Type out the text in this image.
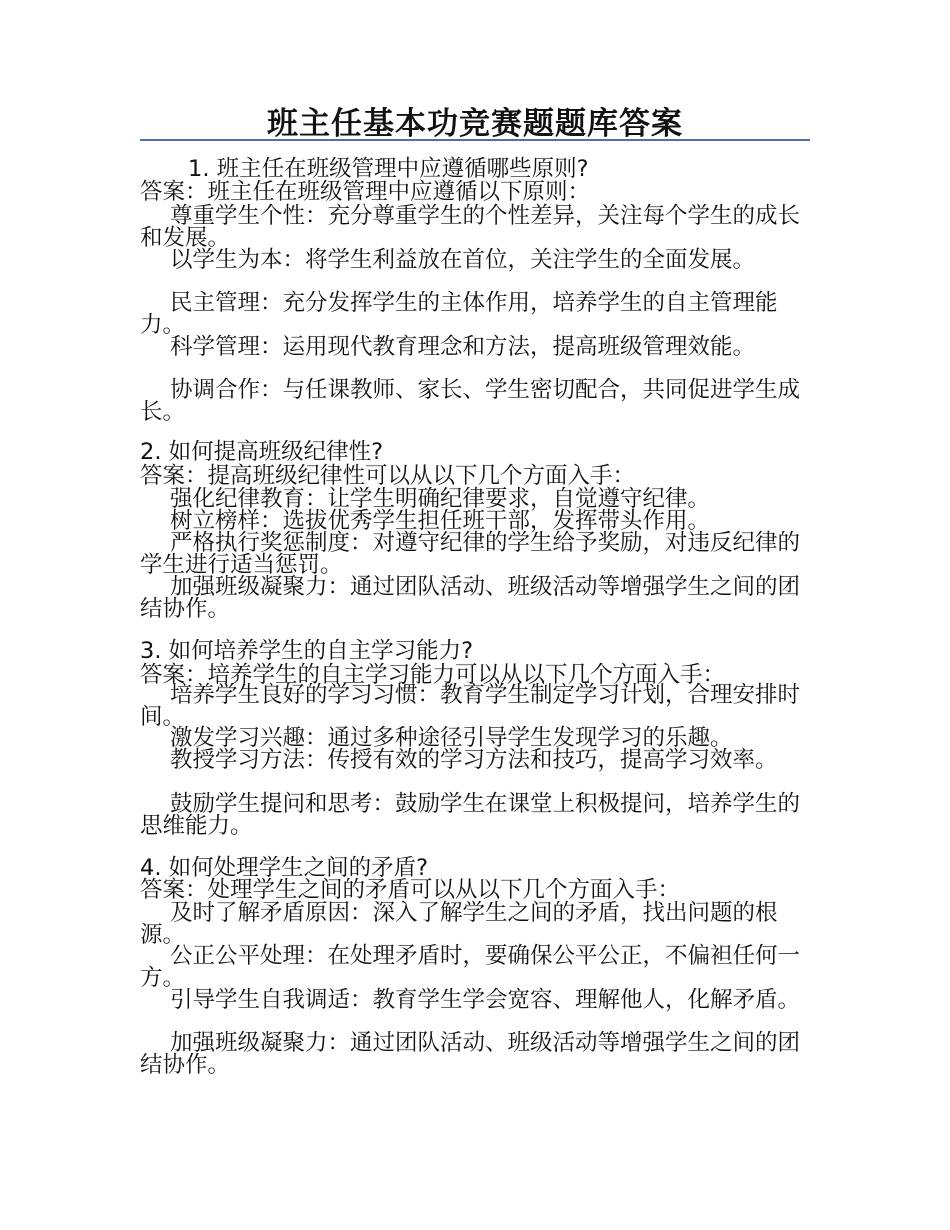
班主任基本功竞赛题题库答案

1. 班主任在班级管理中应遵循哪些原则?

答案：班主任在班级管理中应遵循以下原则：

尊重学生个性：充分尊重学生的个性差异，关注每个学生的成长和发展。

以学生为本：将学生利益放在首位，关注学生的全面发展。

民主管理：充分发挥学生的主体作用，培养学生的自主管理能力。

科学管理：运用现代教育理念和方法，提高班级管理效能。

协调合作：与任课教师、家长、学生密切配合，共同促进学生成长。

2. 如何提高班级纪律性?

答案：提高班级纪律性可以从以下几个方面入手：

强化纪律教育：让学生明确纪律要求，自觉遵守纪律。

树立榜样：选拔优秀学生担任班干部，发挥带头作用。

严格执行奖惩制度：对遵守纪律的学生给予奖励，对违反纪律的学生进行适当惩罚。

加强班级凝聚力：通过团队活动、班级活动等增强学生之间的团结协作。

3. 如何培养学生的自主学习能力?

答案：培养学生的自主学习能力可以从以下几个方面入手：

培养学生良好的学习习惯：教育学生制定学习计划，合理安排时间。

激发学习兴趣：通过多种途径引导学生发现学习的乐趣。

教授学习方法：传授有效的学习方法和技巧，提高学习效率。

鼓励学生提问和思考：鼓励学生在课堂上积极提问，培养学生的思维能力。

4. 如何处理学生之间的矛盾?

答案：处理学生之间的矛盾可以从以下几个方面入手：

及时了解矛盾原因：深入了解学生之间的矛盾，找出问题的根源。

公正公平处理：在处理矛盾时，要确保公平公正，不偏袒任何一方。

引导学生自我调适：教育学生学会宽容、理解他人，化解矛盾。

加强班级凝聚力：通过团队活动、班级活动等增强学生之间的团结协作。
